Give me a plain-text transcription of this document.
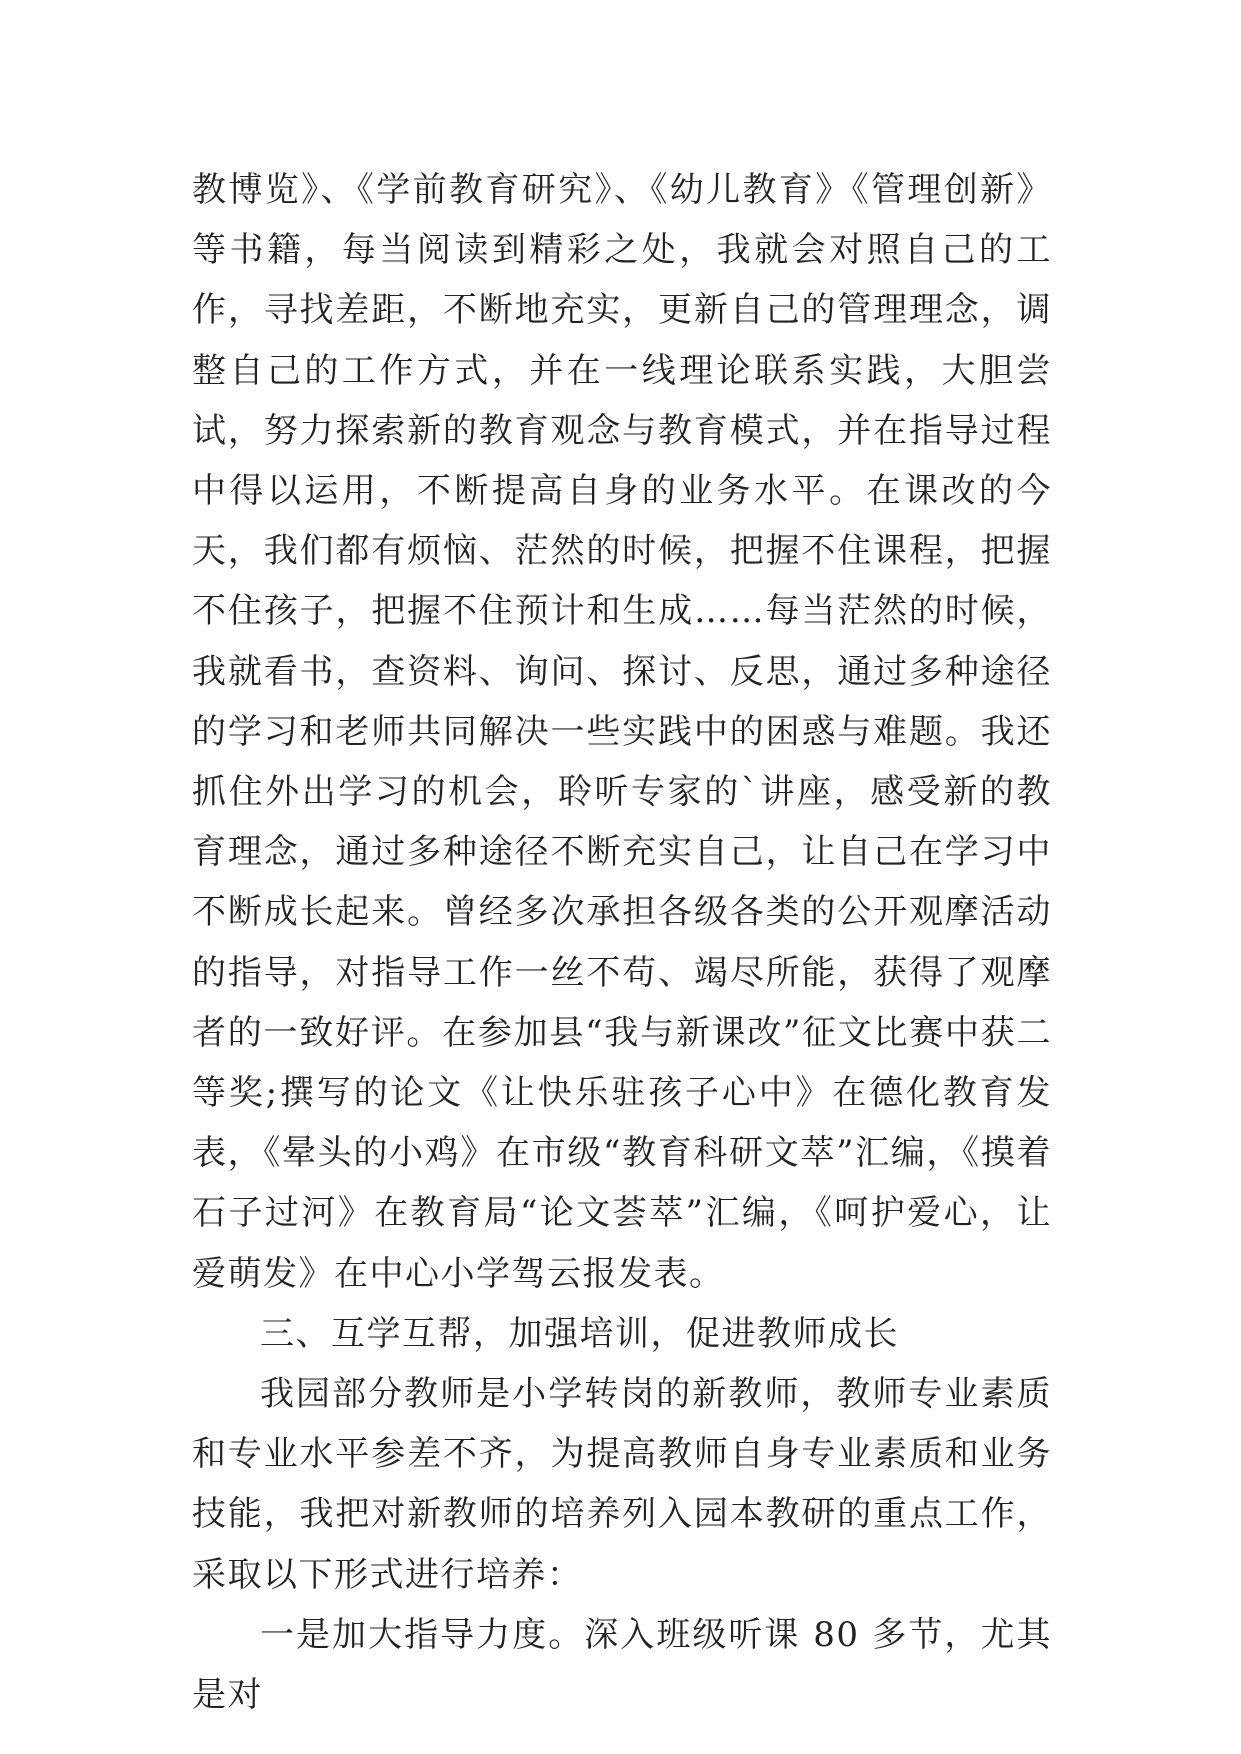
教博览》、《学前教育研究》、《幼儿教育》《管理创新》等书籍，每当阅读到精彩之处，我就会对照自己的工作，寻找差距，不断地充实，更新自己的管理理念，调整自己的工作方式，并在一线理论联系实践，大胆尝试，努力探索新的教育观念与教育模式，并在指导过程中得以运用，不断提高自身的业务水平。在课改的今天，我们都有烦恼、茫然的时候，把握不住课程，把握不住孩子，把握不住预计和生成……每当茫然的时候，我就看书，查资料、询问、探讨、反思，通过多种途径的学习和老师共同解决一些实践中的困惑与难题。我还抓住外出学习的机会，聆听专家的`讲座，感受新的教育理念，通过多种途径不断充实自己，让自己在学习中不断成长起来。曾经多次承担各级各类的公开观摩活动的指导，对指导工作一丝不苟、竭尽所能，获得了观摩者的一致好评。在参加县“我与新课改”征文比赛中获二等奖;撰写的论文《让快乐驻孩子心中》在德化教育发表，《晕头的小鸡》在市级“教育科研文萃”汇编，《摸着石子过河》在教育局“论文荟萃”汇编，《呵护爱心，让爱萌发》在中心小学驾云报发表。

三、互学互帮，加强培训，促进教师成长

我园部分教师是小学转岗的新教师，教师专业素质和专业水平参差不齐，为提高教师自身专业素质和业务技能，我把对新教师的培养列入园本教研的重点工作，采取以下形式进行培养：

一是加大指导力度。深入班级听课 80 多节，尤其是对
